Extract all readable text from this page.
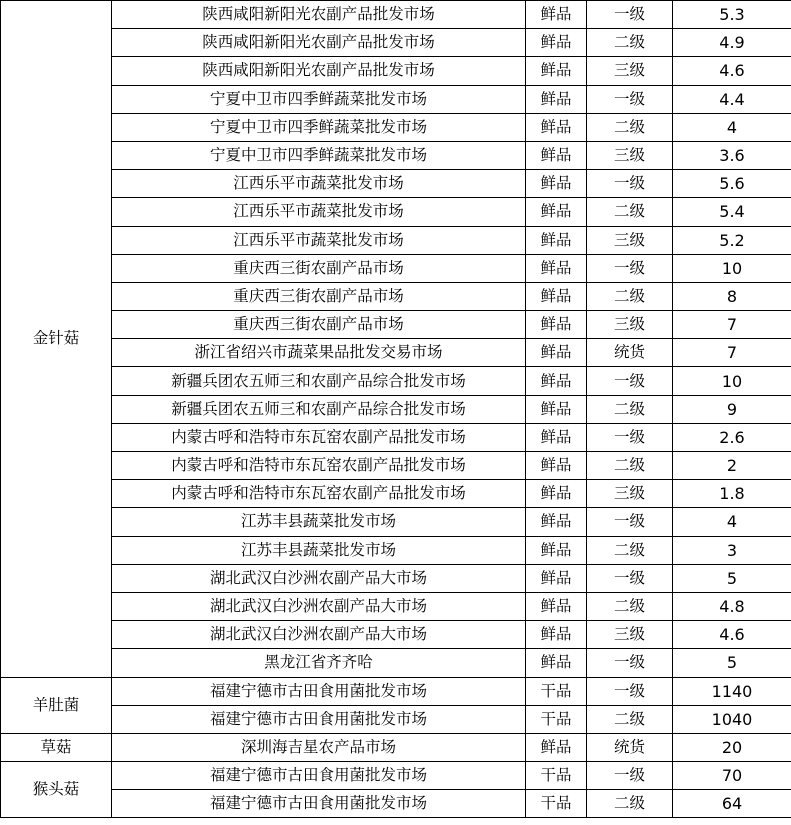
金针菇	陕西咸阳新阳光农副产品批发市场	鲜品	一级	5.3
	陕西咸阳新阳光农副产品批发市场	鲜品	二级	4.9
	陕西咸阳新阳光农副产品批发市场	鲜品	三级	4.6
	宁夏中卫市四季鲜蔬菜批发市场	鲜品	一级	4.4
	宁夏中卫市四季鲜蔬菜批发市场	鲜品	二级	4
	宁夏中卫市四季鲜蔬菜批发市场	鲜品	三级	3.6
	江西乐平市蔬菜批发市场	鲜品	一级	5.6
	江西乐平市蔬菜批发市场	鲜品	二级	5.4
	江西乐平市蔬菜批发市场	鲜品	三级	5.2
	重庆西三街农副产品市场	鲜品	一级	10
	重庆西三街农副产品市场	鲜品	二级	8
	重庆西三街农副产品市场	鲜品	三级	7
	浙江省绍兴市蔬菜果品批发交易市场	鲜品	统货	7
	新疆兵团农五师三和农副产品综合批发市场	鲜品	一级	10
	新疆兵团农五师三和农副产品综合批发市场	鲜品	二级	9
	内蒙古呼和浩特市东瓦窑农副产品批发市场	鲜品	一级	2.6
	内蒙古呼和浩特市东瓦窑农副产品批发市场	鲜品	二级	2
	内蒙古呼和浩特市东瓦窑农副产品批发市场	鲜品	三级	1.8
	江苏丰县蔬菜批发市场	鲜品	一级	4
	江苏丰县蔬菜批发市场	鲜品	二级	3
	湖北武汉白沙洲农副产品大市场	鲜品	一级	5
	湖北武汉白沙洲农副产品大市场	鲜品	二级	4.8
	湖北武汉白沙洲农副产品大市场	鲜品	三级	4.6
	黑龙江省齐齐哈	鲜品	一级	5
羊肚菌	福建宁德市古田食用菌批发市场	干品	一级	1140
	福建宁德市古田食用菌批发市场	干品	二级	1040
草菇	深圳海吉星农产品市场	鲜品	统货	20
猴头菇	福建宁德市古田食用菌批发市场	干品	一级	70
	福建宁德市古田食用菌批发市场	干品	二级	64
